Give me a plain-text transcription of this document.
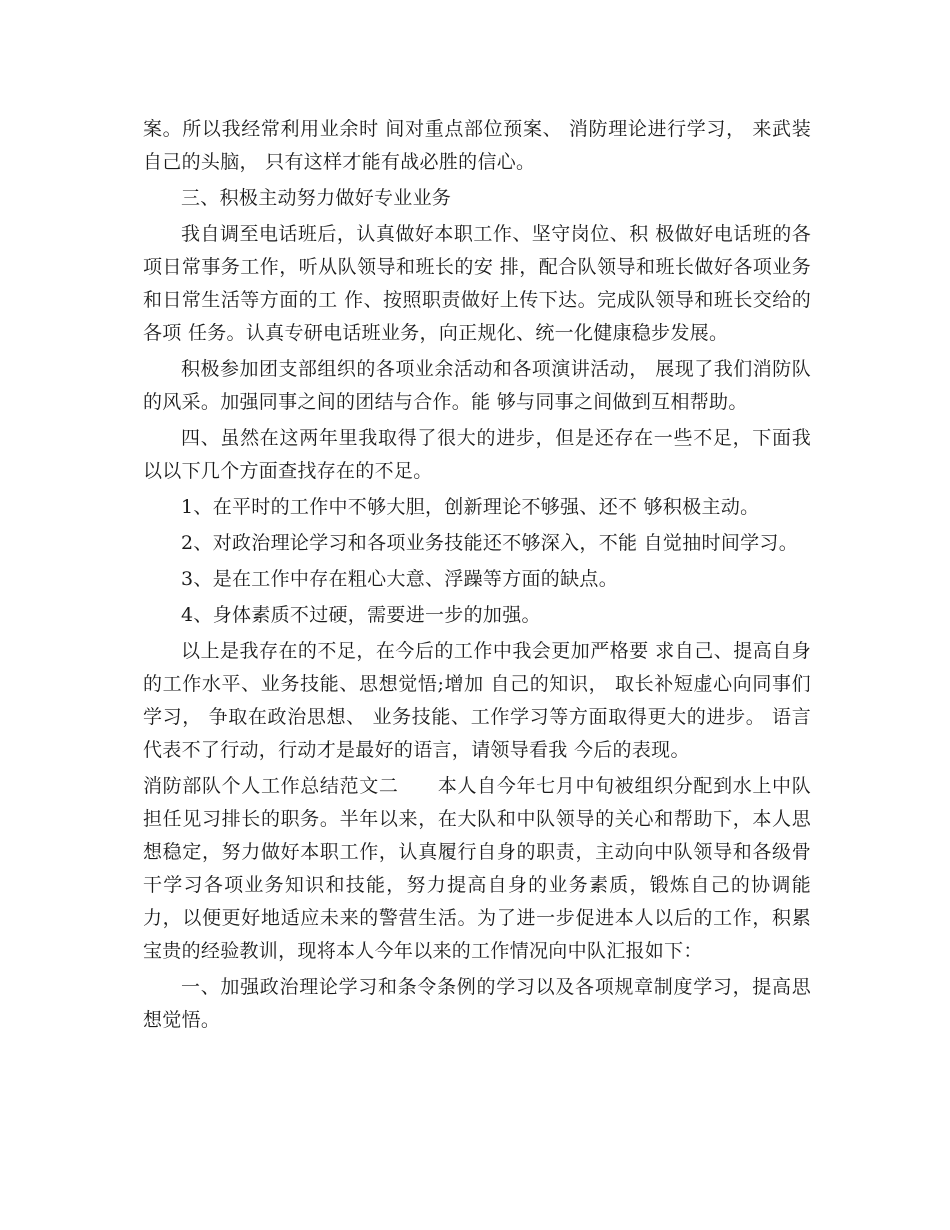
案。所以我经常利用业余时 间对重点部位预案、 消防理论进行学习， 来武装自己的头脑， 只有这样才能有战必胜的信心。

三、积极主动努力做好专业业务

我自调至电话班后，认真做好本职工作、坚守岗位、积 极做好电话班的各项日常事务工作，听从队领导和班长的安 排，配合队领导和班长做好各项业务和日常生活等方面的工 作、按照职责做好上传下达。完成队领导和班长交给的各项 任务。认真专研电话班业务，向正规化、统一化健康稳步发展。

积极参加团支部组织的各项业余活动和各项演讲活动， 展现了我们消防队的风采。加强同事之间的团结与合作。能 够与同事之间做到互相帮助。

四、虽然在这两年里我取得了很大的进步，但是还存在一些不足，下面我以以下几个方面查找存在的不足。

1、在平时的工作中不够大胆，创新理论不够强、还不 够积极主动。

2、对政治理论学习和各项业务技能还不够深入，不能 自觉抽时间学习。

3、是在工作中存在粗心大意、浮躁等方面的缺点。

4、身体素质不过硬，需要进一步的加强。

以上是我存在的不足，在今后的工作中我会更加严格要 求自己、提高自身的工作水平、业务技能、思想觉悟;增加 自己的知识， 取长补短虚心向同事们学习， 争取在政治思想、 业务技能、工作学习等方面取得更大的进步。 语言代表不了行动，行动才是最好的语言，请领导看我 今后的表现。

消防部队个人工作总结范文二　　本人自今年七月中旬被组织分配到水上中队担任见习排长的职务。半年以来，在大队和中队领导的关心和帮助下，本人思想稳定，努力做好本职工作，认真履行自身的职责，主动向中队领导和各级骨干学习各项业务知识和技能，努力提高自身的业务素质，锻炼自己的协调能力，以便更好地适应未来的警营生活。为了进一步促进本人以后的工作，积累宝贵的经验教训，现将本人今年以来的工作情况向中队汇报如下：

一、加强政治理论学习和条令条例的学习以及各项规章制度学习，提高思想觉悟。
